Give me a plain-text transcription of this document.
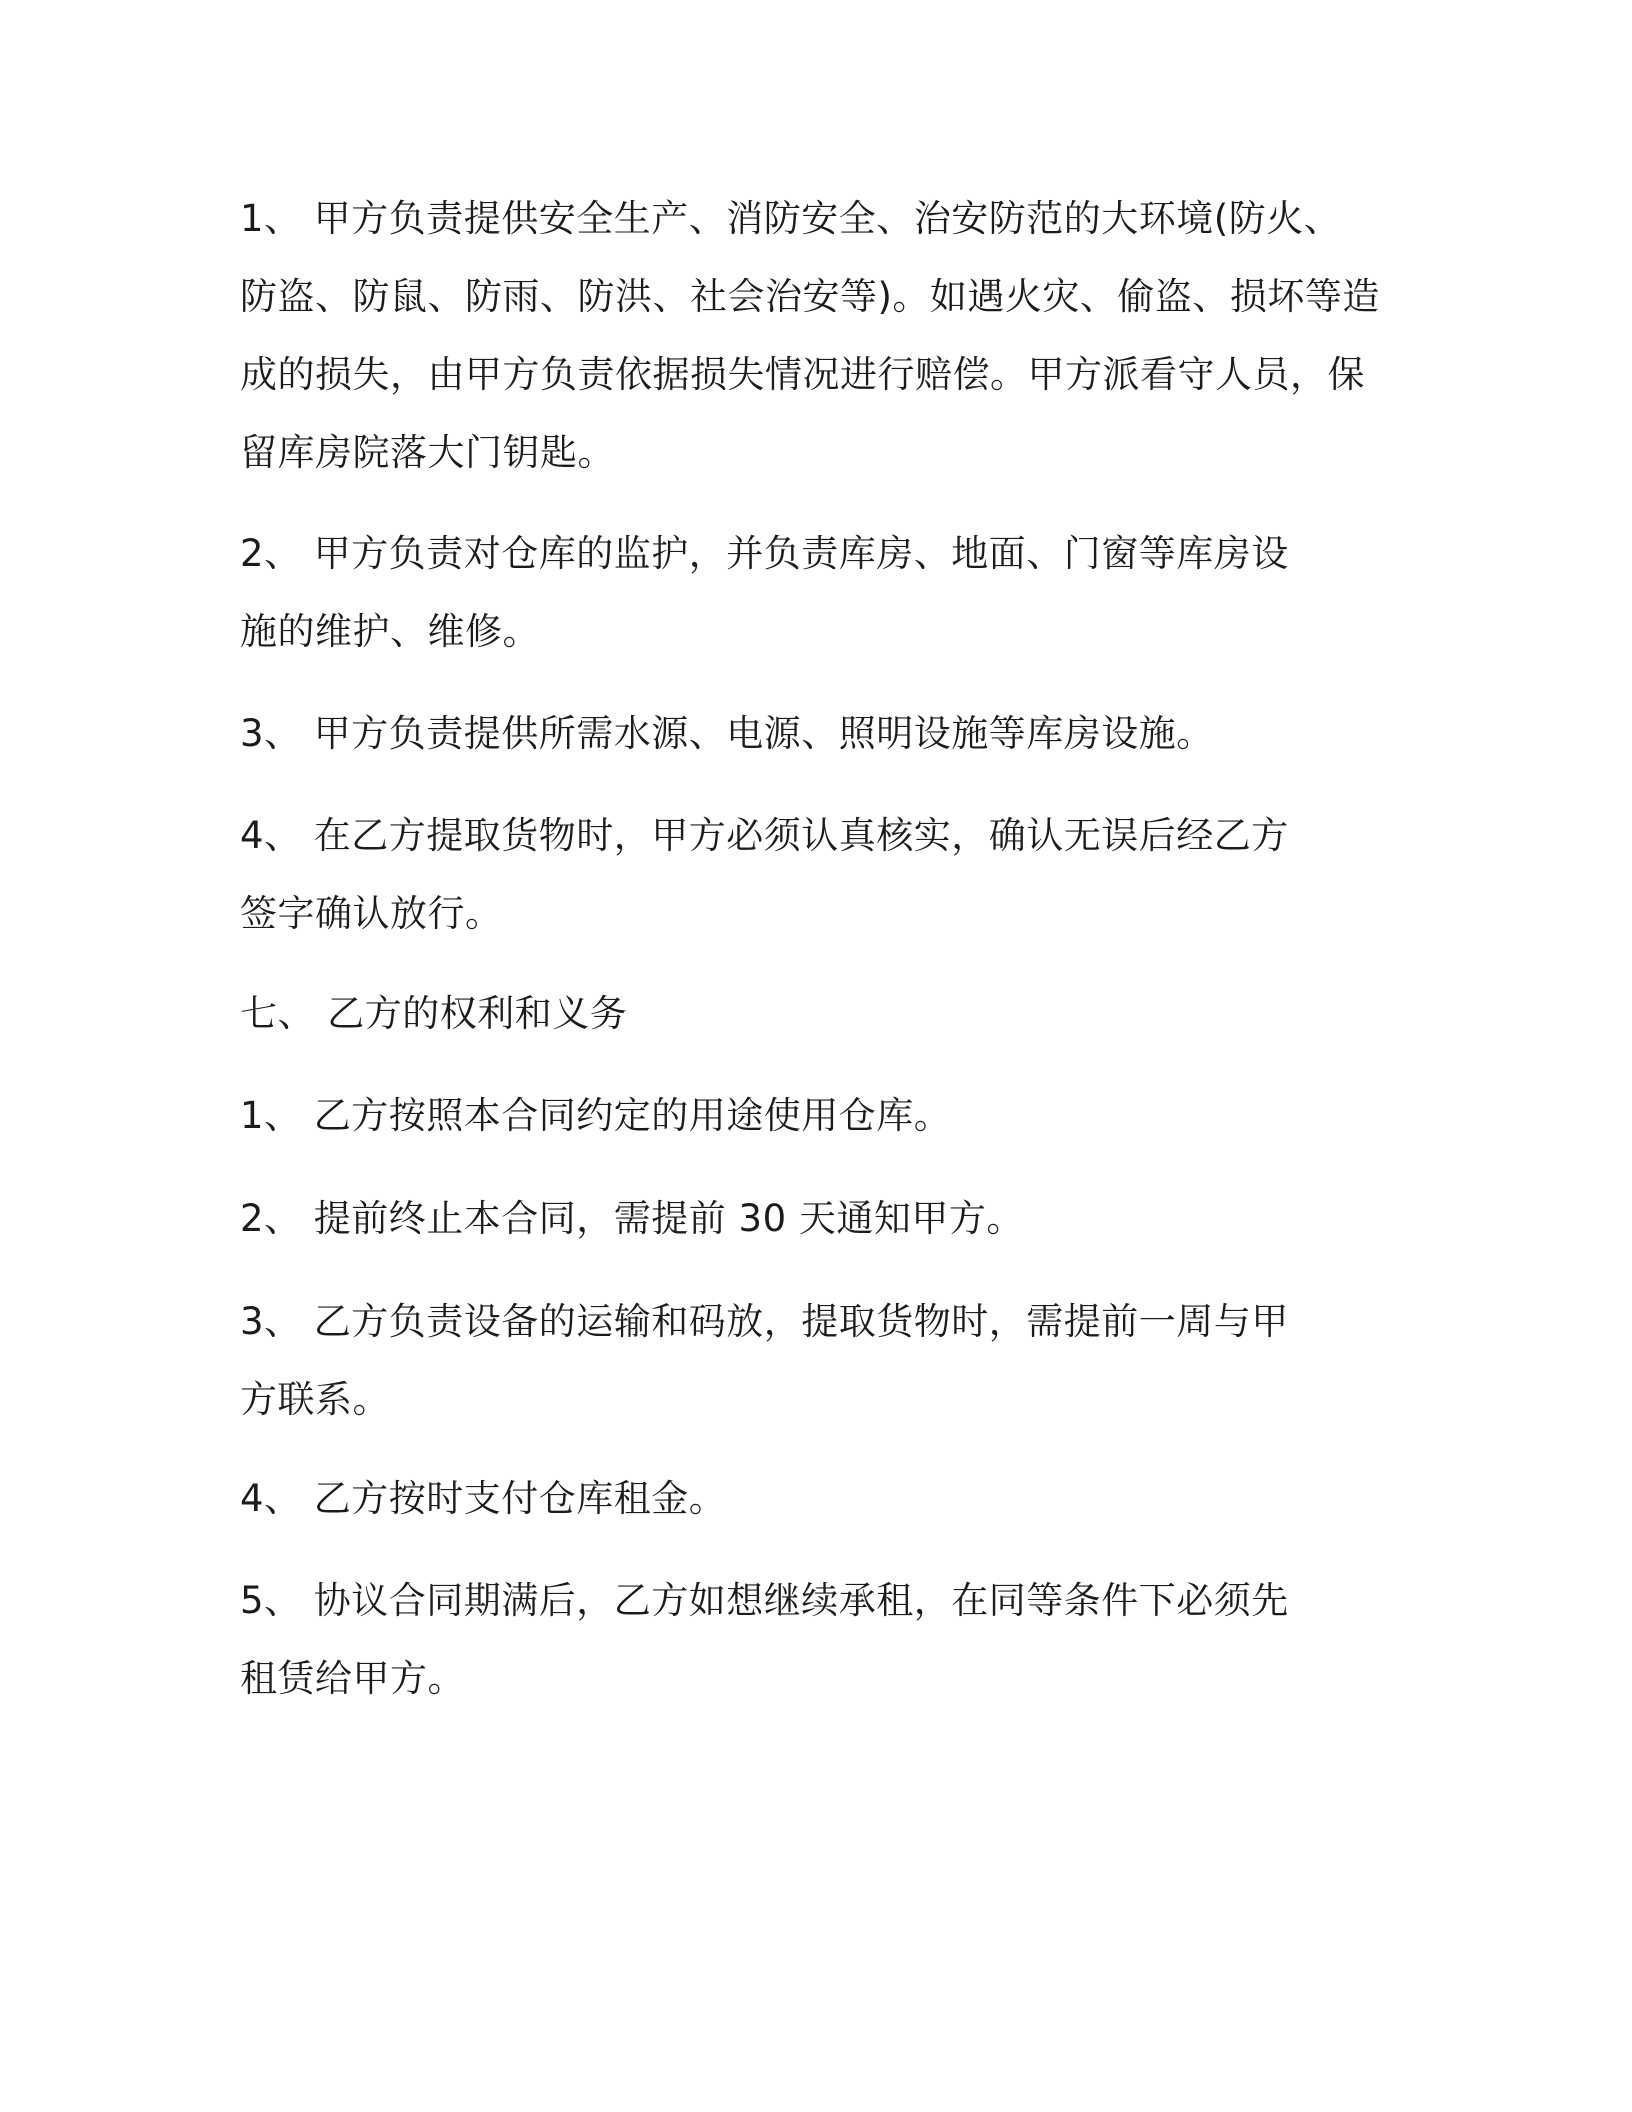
1、 甲方负责提供安全生产、消防安全、治安防范的大环境(防火、
防盗、防鼠、防雨、防洪、社会治安等)。如遇火灾、偷盗、损坏等造
成的损失，由甲方负责依据损失情况进行赔偿。甲方派看守人员，保
留库房院落大门钥匙。

2、 甲方负责对仓库的监护，并负责库房、地面、门窗等库房设
施的维护、维修。

3、 甲方负责提供所需水源、电源、照明设施等库房设施。

4、 在乙方提取货物时，甲方必须认真核实，确认无误后经乙方
签字确认放行。

七、 乙方的权利和义务

1、 乙方按照本合同约定的用途使用仓库。

2、 提前终止本合同，需提前 30 天通知甲方。

3、 乙方负责设备的运输和码放，提取货物时，需提前一周与甲
方联系。

4、 乙方按时支付仓库租金。

5、 协议合同期满后，乙方如想继续承租，在同等条件下必须先
租赁给甲方。
